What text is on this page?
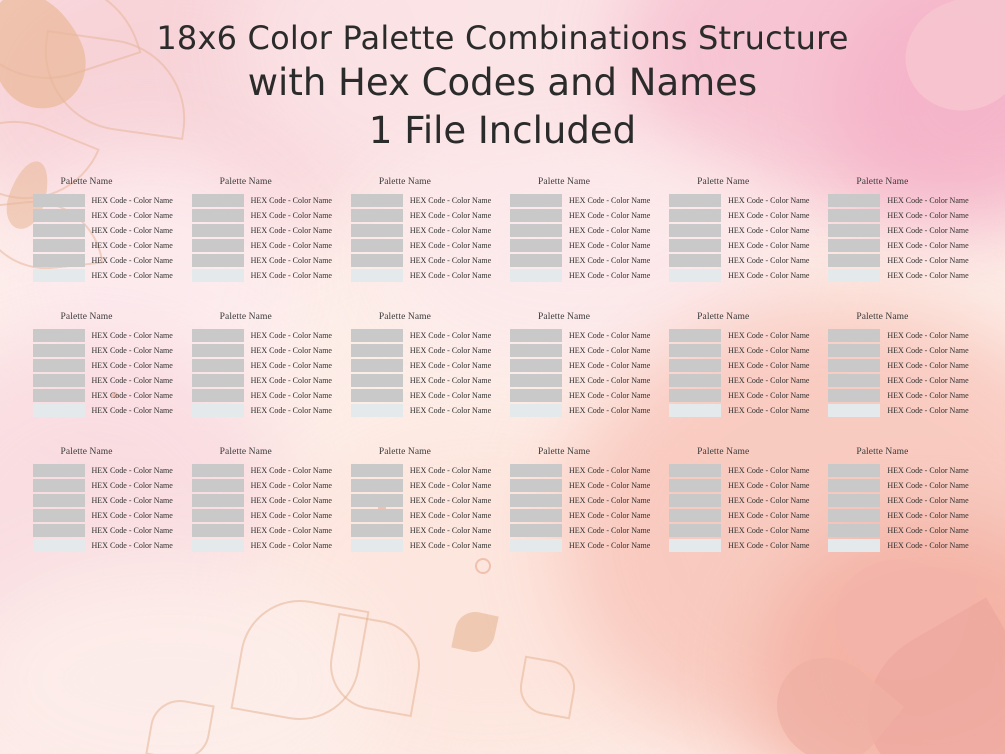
18x6 Color Palette Combinations Structure
with Hex Codes and Names
1 File Included
Palette Name
HEX Code - Color Name
HEX Code - Color Name
HEX Code - Color Name
HEX Code - Color Name
HEX Code - Color Name
HEX Code - Color Name
Palette Name
HEX Code - Color Name
HEX Code - Color Name
HEX Code - Color Name
HEX Code - Color Name
HEX Code - Color Name
HEX Code - Color Name
Palette Name
HEX Code - Color Name
HEX Code - Color Name
HEX Code - Color Name
HEX Code - Color Name
HEX Code - Color Name
HEX Code - Color Name
Palette Name
HEX Code - Color Name
HEX Code - Color Name
HEX Code - Color Name
HEX Code - Color Name
HEX Code - Color Name
HEX Code - Color Name
Palette Name
HEX Code - Color Name
HEX Code - Color Name
HEX Code - Color Name
HEX Code - Color Name
HEX Code - Color Name
HEX Code - Color Name
Palette Name
HEX Code - Color Name
HEX Code - Color Name
HEX Code - Color Name
HEX Code - Color Name
HEX Code - Color Name
HEX Code - Color Name
Palette Name
HEX Code - Color Name
HEX Code - Color Name
HEX Code - Color Name
HEX Code - Color Name
HEX Code - Color Name
HEX Code - Color Name
Palette Name
HEX Code - Color Name
HEX Code - Color Name
HEX Code - Color Name
HEX Code - Color Name
HEX Code - Color Name
HEX Code - Color Name
Palette Name
HEX Code - Color Name
HEX Code - Color Name
HEX Code - Color Name
HEX Code - Color Name
HEX Code - Color Name
HEX Code - Color Name
Palette Name
HEX Code - Color Name
HEX Code - Color Name
HEX Code - Color Name
HEX Code - Color Name
HEX Code - Color Name
HEX Code - Color Name
Palette Name
HEX Code - Color Name
HEX Code - Color Name
HEX Code - Color Name
HEX Code - Color Name
HEX Code - Color Name
HEX Code - Color Name
Palette Name
HEX Code - Color Name
HEX Code - Color Name
HEX Code - Color Name
HEX Code - Color Name
HEX Code - Color Name
HEX Code - Color Name
Palette Name
HEX Code - Color Name
HEX Code - Color Name
HEX Code - Color Name
HEX Code - Color Name
HEX Code - Color Name
HEX Code - Color Name
Palette Name
HEX Code - Color Name
HEX Code - Color Name
HEX Code - Color Name
HEX Code - Color Name
HEX Code - Color Name
HEX Code - Color Name
Palette Name
HEX Code - Color Name
HEX Code - Color Name
HEX Code - Color Name
HEX Code - Color Name
HEX Code - Color Name
HEX Code - Color Name
Palette Name
HEX Code - Color Name
HEX Code - Color Name
HEX Code - Color Name
HEX Code - Color Name
HEX Code - Color Name
HEX Code - Color Name
Palette Name
HEX Code - Color Name
HEX Code - Color Name
HEX Code - Color Name
HEX Code - Color Name
HEX Code - Color Name
HEX Code - Color Name
Palette Name
HEX Code - Color Name
HEX Code - Color Name
HEX Code - Color Name
HEX Code - Color Name
HEX Code - Color Name
HEX Code - Color Name
